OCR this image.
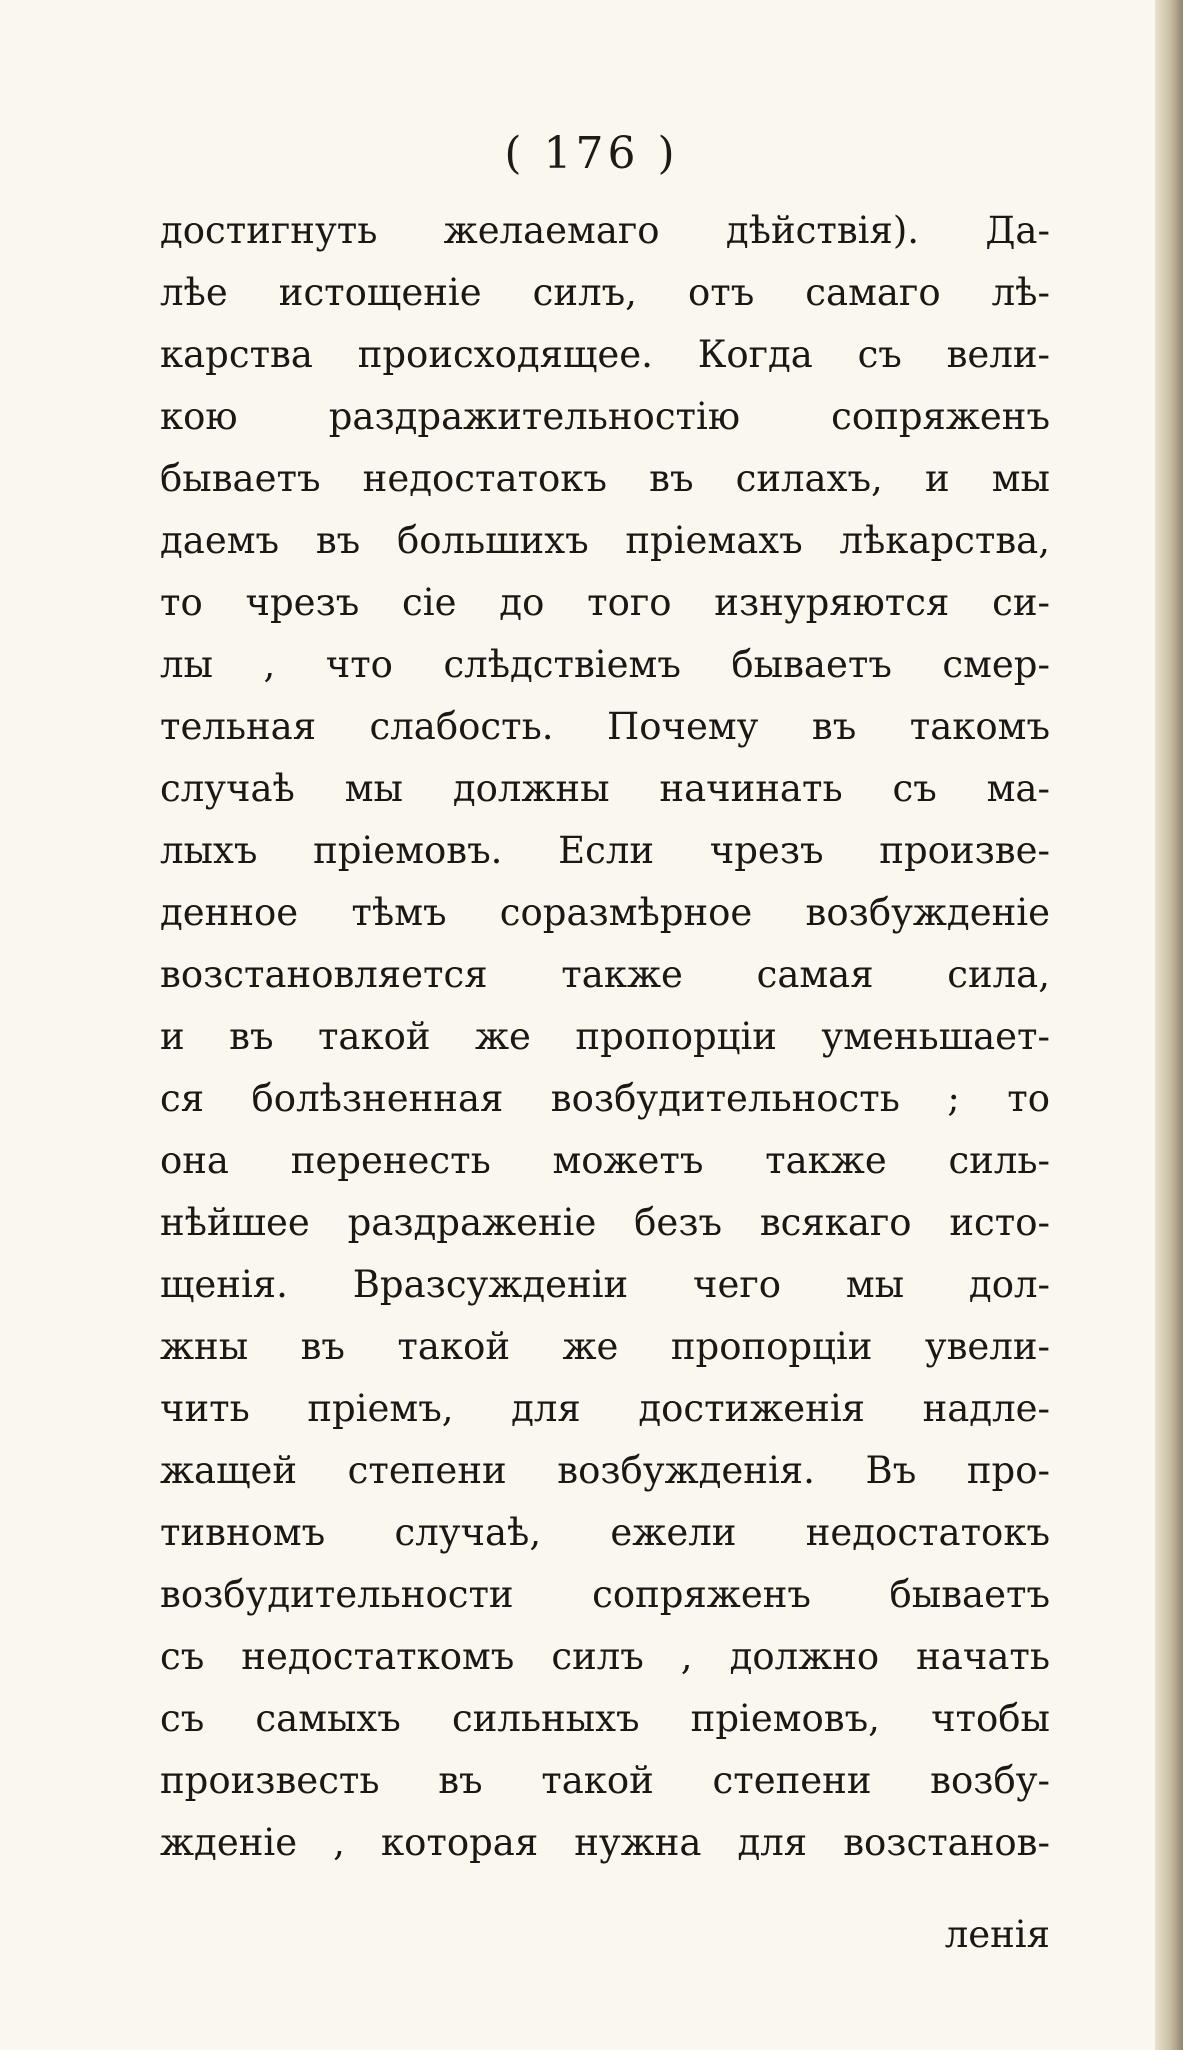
( 176 )
достигнуть желаемаго дѣйствія). Да-
лѣе истощеніе силъ, отъ самаго лѣ-
карства происходящее. Когда съ вели-
кою раздражительностію сопряженъ
бываетъ недостатокъ въ силахъ, и мы
даемъ въ большихъ пріемахъ лѣкарства,
то чрезъ сіе до того изнуряются си-
лы , что слѣдствіемъ бываетъ смер-
тельная слабость. Почему въ такомъ
случаѣ мы должны начинать съ ма-
лыхъ пріемовъ. Если чрезъ произве-
денное тѣмъ соразмѣрное возбужденіе
возстановляется также самая сила,
и въ такой же пропорціи уменьшает-
ся болѣзненная возбудительность ; то
она перенесть можетъ также силь-
нѣйшее раздраженіе безъ всякаго исто-
щенія. Вразсужденіи чего мы дол-
жны въ такой же пропорціи увели-
чить пріемъ, для достиженія надле-
жащей степени возбужденія. Въ про-
тивномъ случаѣ, ежели недостатокъ
возбудительности сопряженъ бываетъ
съ недостаткомъ силъ , должно начать
съ самыхъ сильныхъ пріемовъ, чтобы
произвесть въ такой степени возбу-
жденіе , которая нужна для возстанов-
ленія
